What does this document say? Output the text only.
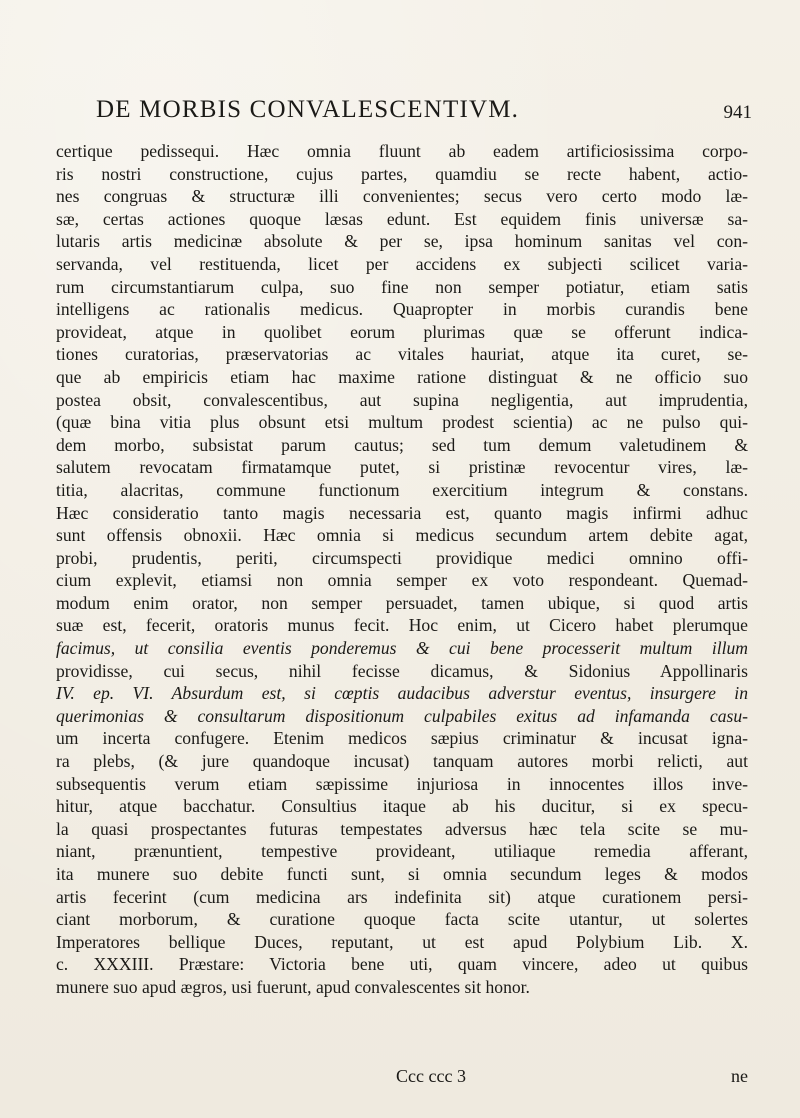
DE MORBIS CONVALESCENTIVM.	941
certique pedissequi. Hæc omnia fluunt ab eadem artificiosissima corpo-
ris nostri constructione, cujus partes, quamdiu se recte habent, actio-
nes congruas & structuræ illi convenientes; secus vero certo modo læ-
sæ, certas actiones quoque læsas edunt. Est equidem finis universæ sa-
lutaris artis medicinæ absolute & per se, ipsa hominum sanitas vel con-
servanda, vel restituenda, licet per accidens ex subjecti scilicet varia-
rum circumstantiarum culpa, suo fine non semper potiatur, etiam satis
intelligens ac rationalis medicus. Quapropter in morbis curandis bene
provideat, atque in quolibet eorum plurimas quæ se offerunt indica-
tiones curatorias, præservatorias ac vitales hauriat, atque ita curet, se-
que ab empiricis etiam hac maxime ratione distinguat & ne officio suo
postea obsit, convalescentibus, aut supina negligentia, aut imprudentia,
(quæ bina vitia plus obsunt etsi multum prodest scientia) ac ne pulso qui-
dem morbo, subsistat parum cautus; sed tum demum valetudinem &
salutem revocatam firmatamque putet, si pristinæ revocentur vires, læ-
titia, alacritas, commune functionum exercitium integrum & constans.
Hæc consideratio tanto magis necessaria est, quanto magis infirmi adhuc
sunt offensis obnoxii. Hæc omnia si medicus secundum artem debite agat,
probi, prudentis, periti, circumspecti providique medici omnino offi-
cium explevit, etiamsi non omnia semper ex voto respondeant. Quemad-
modum enim orator, non semper persuadet, tamen ubique, si quod artis
suæ est, fecerit, oratoris munus fecit. Hoc enim, ut Cicero habet plerumque
facimus, ut consilia eventis ponderemus & cui bene processerit multum illum
providisse, cui secus, nihil fecisse dicamus, & Sidonius Appollinaris
IV. ep. VI. Absurdum est, si cœptis audacibus adverstur eventus, insurgere in
querimonias & consultarum dispositionum culpabiles exitus ad infamanda casu-
um incerta confugere. Etenim medicos sæpius criminatur & incusat igna-
ra plebs, (& jure quandoque incusat) tanquam autores morbi relicti, aut
subsequentis verum etiam sæpissime injuriosa in innocentes illos inve-
hitur, atque bacchatur. Consultius itaque ab his ducitur, si ex specu-
la quasi prospectantes futuras tempestates adversus hæc tela scite se mu-
niant, prænuntient, tempestive provideant, utiliaque remedia afferant,
ita munere suo debite functi sunt, si omnia secundum leges & modos
artis fecerint (cum medicina ars indefinita sit) atque curationem persi-
ciant morborum, & curatione quoque facta scite utantur, ut solertes
Imperatores bellique Duces, reputant, ut est apud Polybium Lib. X.
c. XXXIII. Præstare: Victoria bene uti, quam vincere, adeo ut quibus
munere suo apud ægros, usi fuerunt, apud convalescentes sit honor.
Ccc ccc 3	ne
